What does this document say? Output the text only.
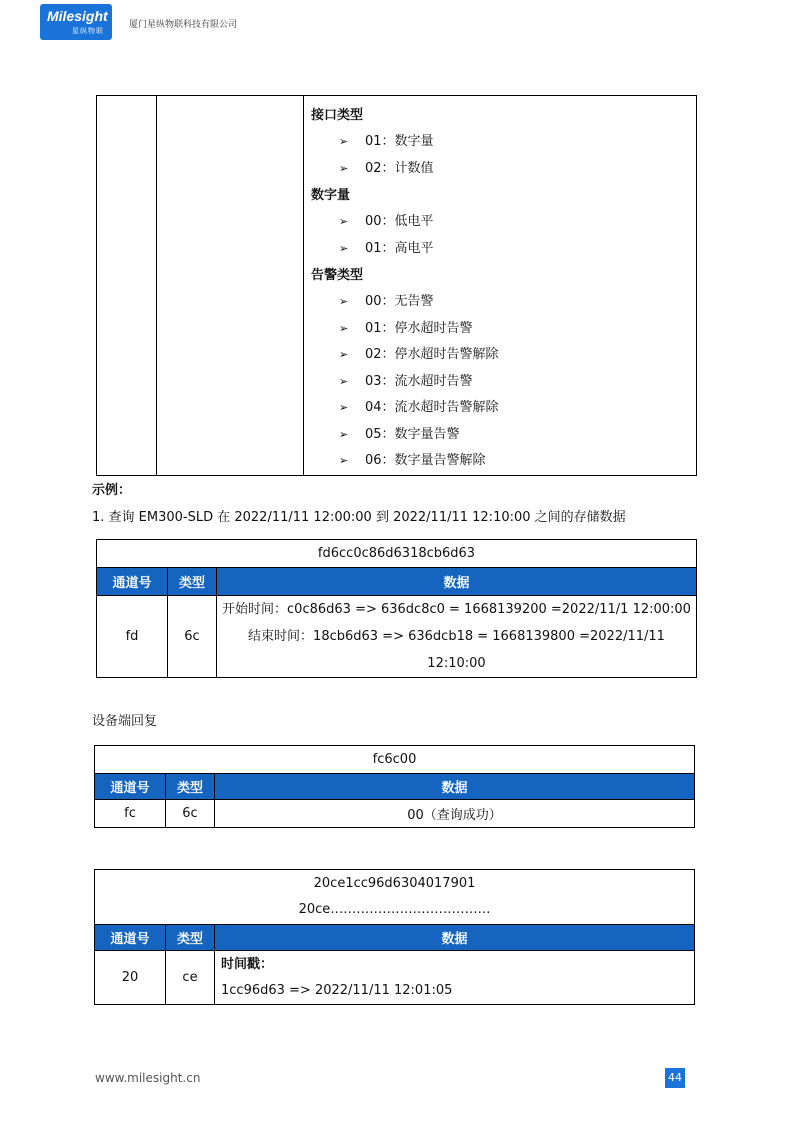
Milesight
星纵物联
厦门星纵物联科技有限公司

接口类型
➢ 01：数字量
➢ 02：计数值
数字量
➢ 00：低电平
➢ 01：高电平
告警类型
➢ 00：无告警
➢ 01：停水超时告警
➢ 02：停水超时告警解除
➢ 03：流水超时告警
➢ 04：流水超时告警解除
➢ 05：数字量告警
➢ 06：数字量告警解除
示例：
1. 查询 EM300-SLD 在 2022/11/11 12:00:00 到 2022/11/11 12:10:00 之间的存储数据
fd6cc0c86d6318cb6d63		
通道号	类型	数据
fd	6c	开始时间：c0c86d63 => 636dc8c0 = 1668139200 =2022/11/1 12:00:00
结束时间：18cb6d63 => 636dcb18 = 1668139800 =2022/11/11
12:10:00
设备端回复
fc6c00		
通道号	类型	数据
fc	6c	00（查询成功）
20ce1cc96d6304017901
20ce……………………………….		

通道号	类型	数据
20	ce	时间戳：
1cc96d63 => 2022/11/11 12:01:05
www.milesight.cn	44
